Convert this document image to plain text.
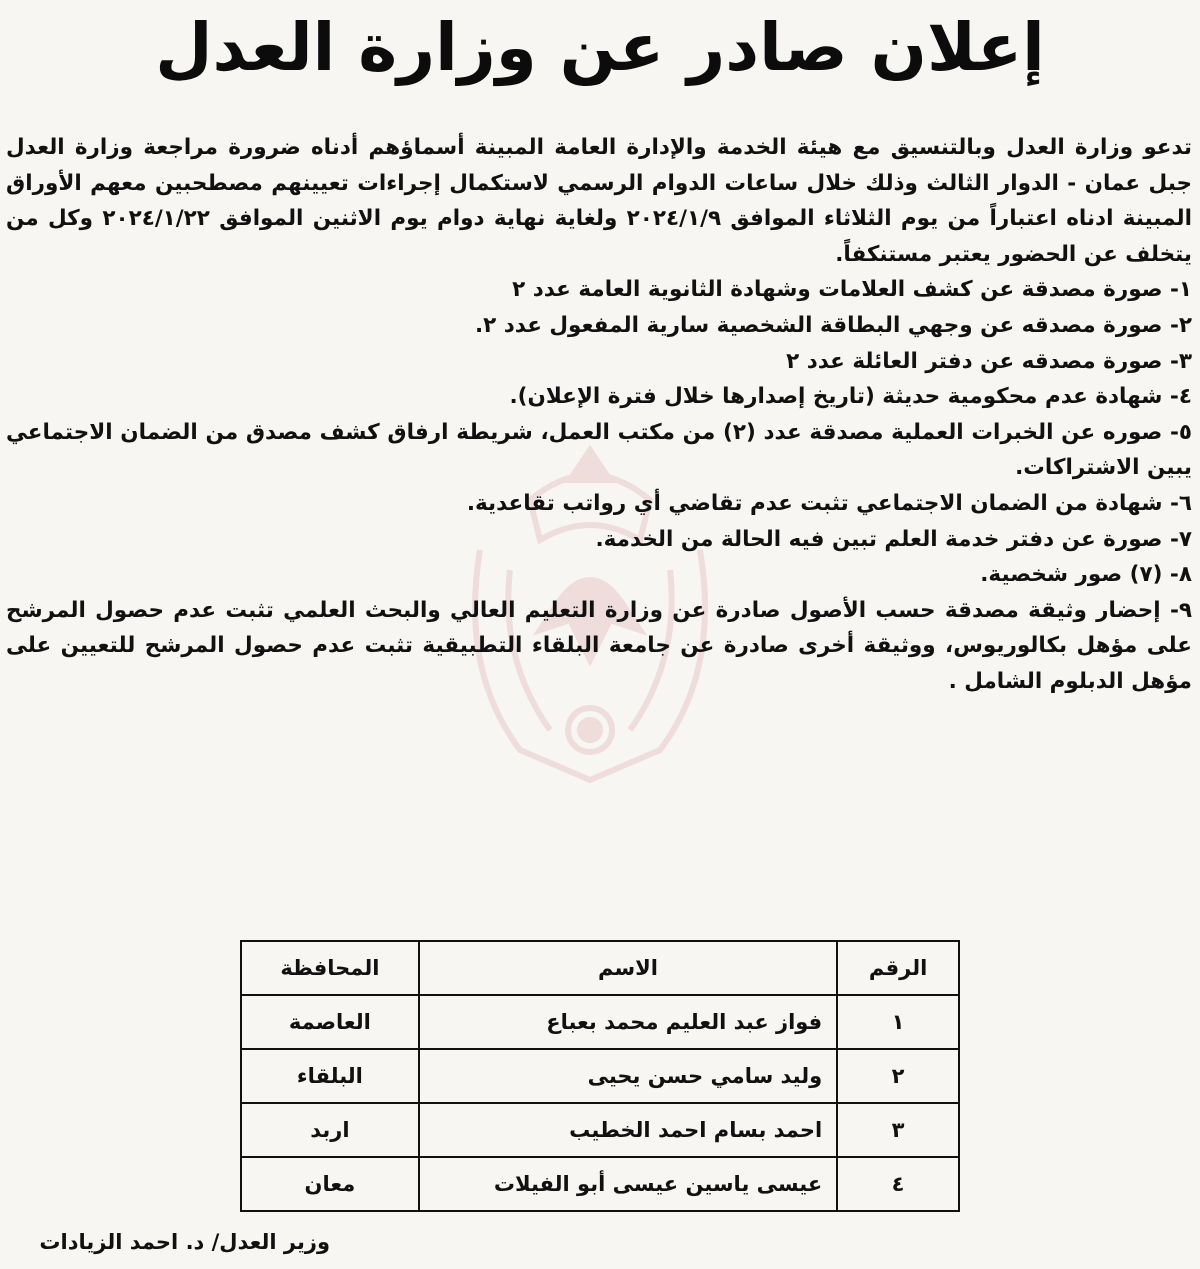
إعلان صادر عن وزارة العدل

تدعو وزارة العدل وبالتنسيق مع هيئة الخدمة والإدارة العامة المبينة أسماؤهم أدناه ضرورة مراجعة وزارة العدل جبل عمان - الدوار الثالث وذلك خلال ساعات الدوام الرسمي لاستكمال إجراءات تعيينهم مصطحبين معهم الأوراق المبينة ادناه اعتباراً من يوم الثلاثاء الموافق ٢٠٢٤/١/٩ ولغاية نهاية دوام يوم الاثنين الموافق ٢٠٢٤/١/٢٢ وكل من يتخلف عن الحضور يعتبر مستنكفاً.

١- صورة مصدقة عن كشف العلامات وشهادة الثانوية العامة عدد ٢

٢- صورة مصدقه عن وجهي البطاقة الشخصية سارية المفعول عدد ٢.

٣- صورة مصدقه عن دفتر العائلة عدد ٢

٤- شهادة عدم محكومية حديثة (تاريخ إصدارها خلال فترة الإعلان).

٥- صوره عن الخبرات العملية مصدقة عدد (٢) من مكتب العمل، شريطة ارفاق كشف مصدق من الضمان الاجتماعي يبين الاشتراكات.

٦- شهادة من الضمان الاجتماعي تثبت عدم تقاضي أي رواتب تقاعدية.

٧- صورة عن دفتر خدمة العلم تبين فيه الحالة من الخدمة.

٨- (٧) صور شخصية.

٩- إحضار وثيقة مصدقة حسب الأصول صادرة عن وزارة التعليم العالي والبحث العلمي تثبت عدم حصول المرشح على مؤهل بكالوريوس، ووثيقة أخرى صادرة عن جامعة البلقاء التطبيقية تثبت عدم حصول المرشح للتعيين على مؤهل الدبلوم الشامل .

الرقم	الاسم	المحافظة
١	فواز عبد العليم محمد بعباع	العاصمة
٢	وليد سامي حسن يحيى	البلقاء
٣	احمد بسام احمد الخطيب	اربد
٤	عيسى ياسين عيسى أبو الفيلات	معان
وزير العدل/ د. احمد الزيادات
